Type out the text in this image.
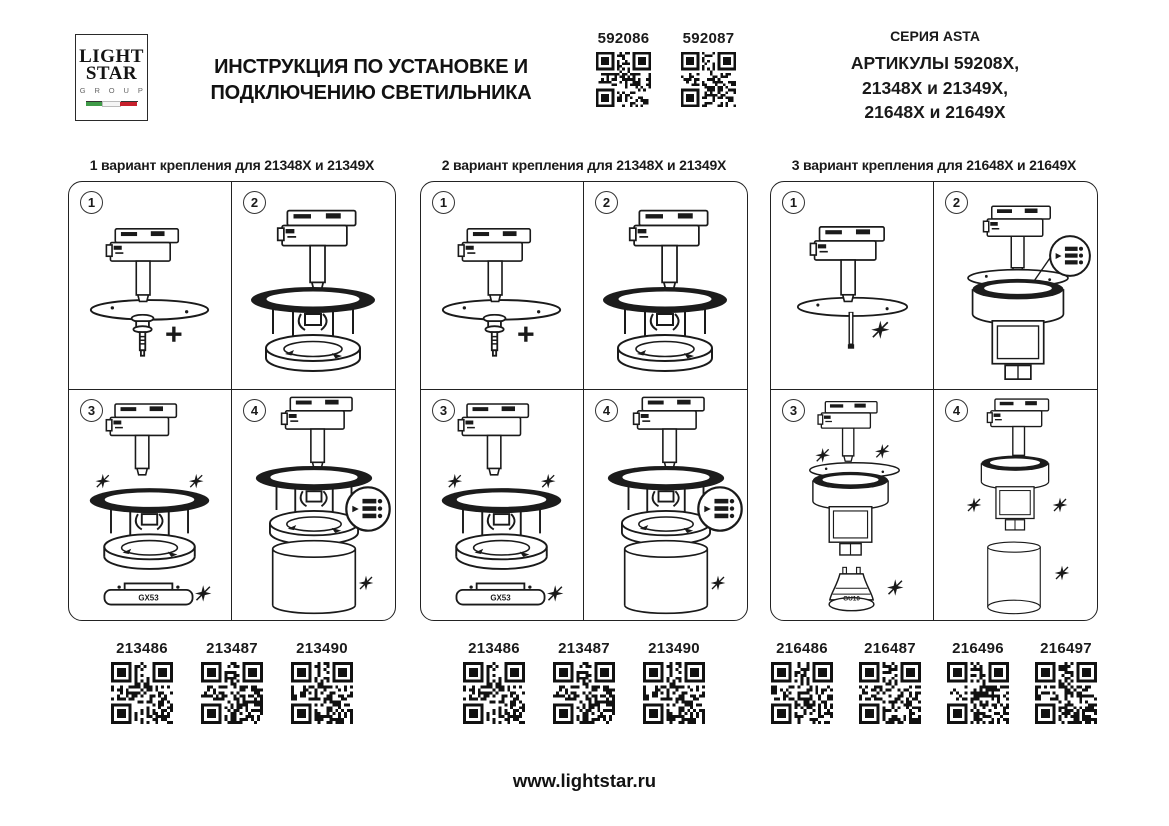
LIGHT
STAR
G R O U P
ИНСТРУКЦИЯ ПО УСТАНОВКЕ И
ПОДКЛЮЧЕНИЮ СВЕТИЛЬНИКА
592086 592087	СЕРИЯ ASTA
АРТИКУЛЫ 59208X,
21348X и 21349X,
21648X и 21649X
1 вариант крепления для 21348X и 21349X
1	2
3
GX53
4
2 вариант крепления для 21348X и 21349X
1	2
3
GX53
4
3 вариант крепления для 21648X и 21649X
1	2
3
GU10
4
213486	213487	213490	213486	213487	213490	216486 216487 216496 216497
www.lightstar.ru
